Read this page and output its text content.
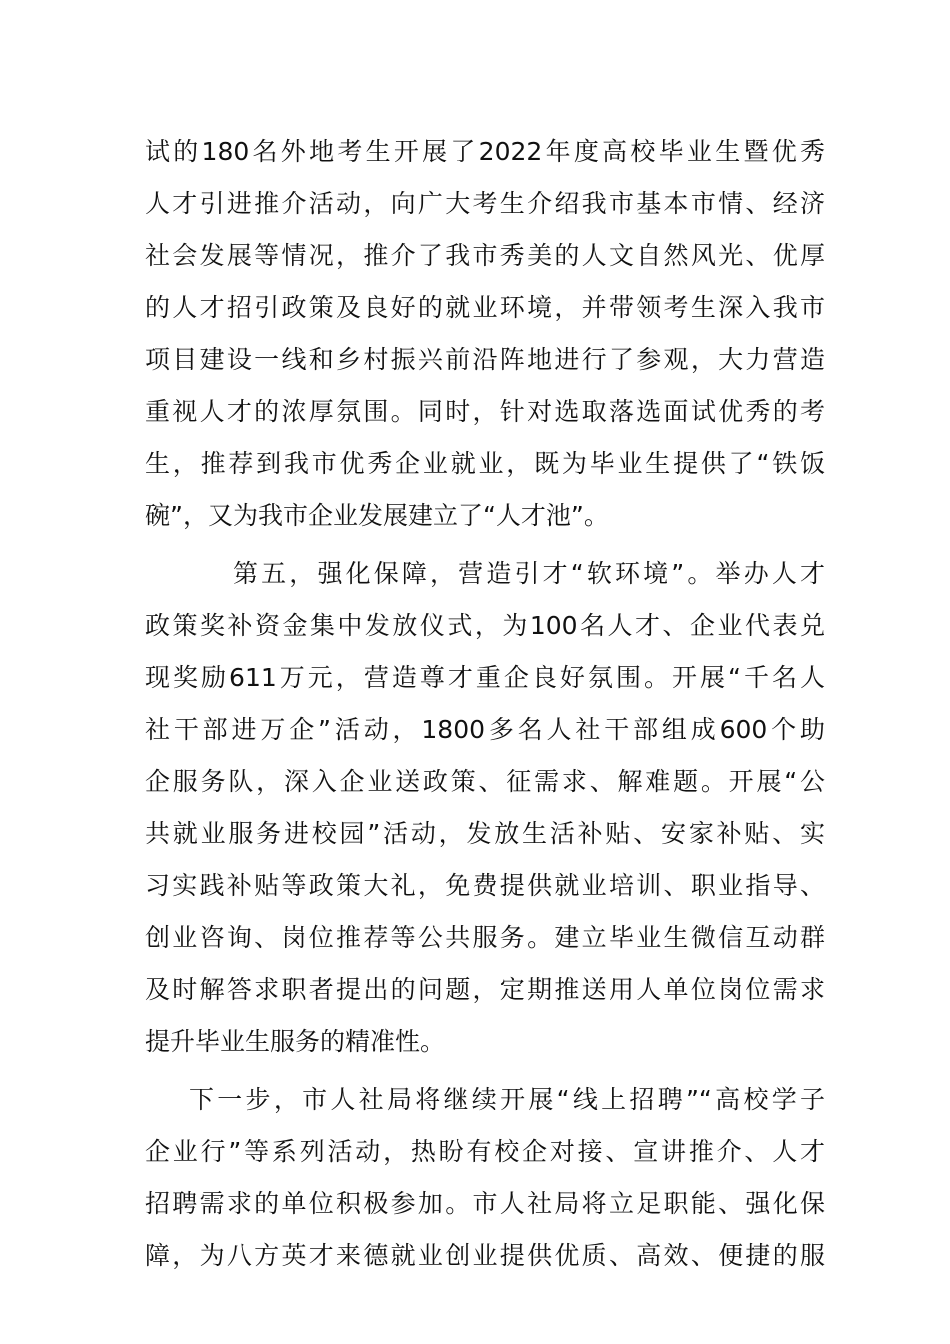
试的180名外地考生开展了2022年度高校毕业生暨优秀
人才引进推介活动，向广大考生介绍我市基本市情、经济
社会发展等情况，推介了我市秀美的人文自然风光、优厚
的人才招引政策及良好的就业环境，并带领考生深入我市
项目建设一线和乡村振兴前沿阵地进行了参观，大力营造
重视人才的浓厚氛围。同时，针对选取落选面试优秀的考
生，推荐到我市优秀企业就业，既为毕业生提供了“铁饭
碗”，又为我市企业发展建立了“人才池”。
第五，强化保障，营造引才“软环境”。举办人才
政策奖补资金集中发放仪式，为100名人才、企业代表兑
现奖励611万元，营造尊才重企良好氛围。开展“千名人
社干部进万企”活动，1800多名人社干部组成600个助
企服务队，深入企业送政策、征需求、解难题。开展“公
共就业服务进校园”活动，发放生活补贴、安家补贴、实
习实践补贴等政策大礼，免费提供就业培训、职业指导、
创业咨询、岗位推荐等公共服务。建立毕业生微信互动群
及时解答求职者提出的问题，定期推送用人单位岗位需求
提升毕业生服务的精准性。
下一步，市人社局将继续开展“线上招聘”“高校学子
企业行”等系列活动，热盼有校企对接、宣讲推介、人才
招聘需求的单位积极参加。市人社局将立足职能、强化保
障，为八方英才来德就业创业提供优质、高效、便捷的服
